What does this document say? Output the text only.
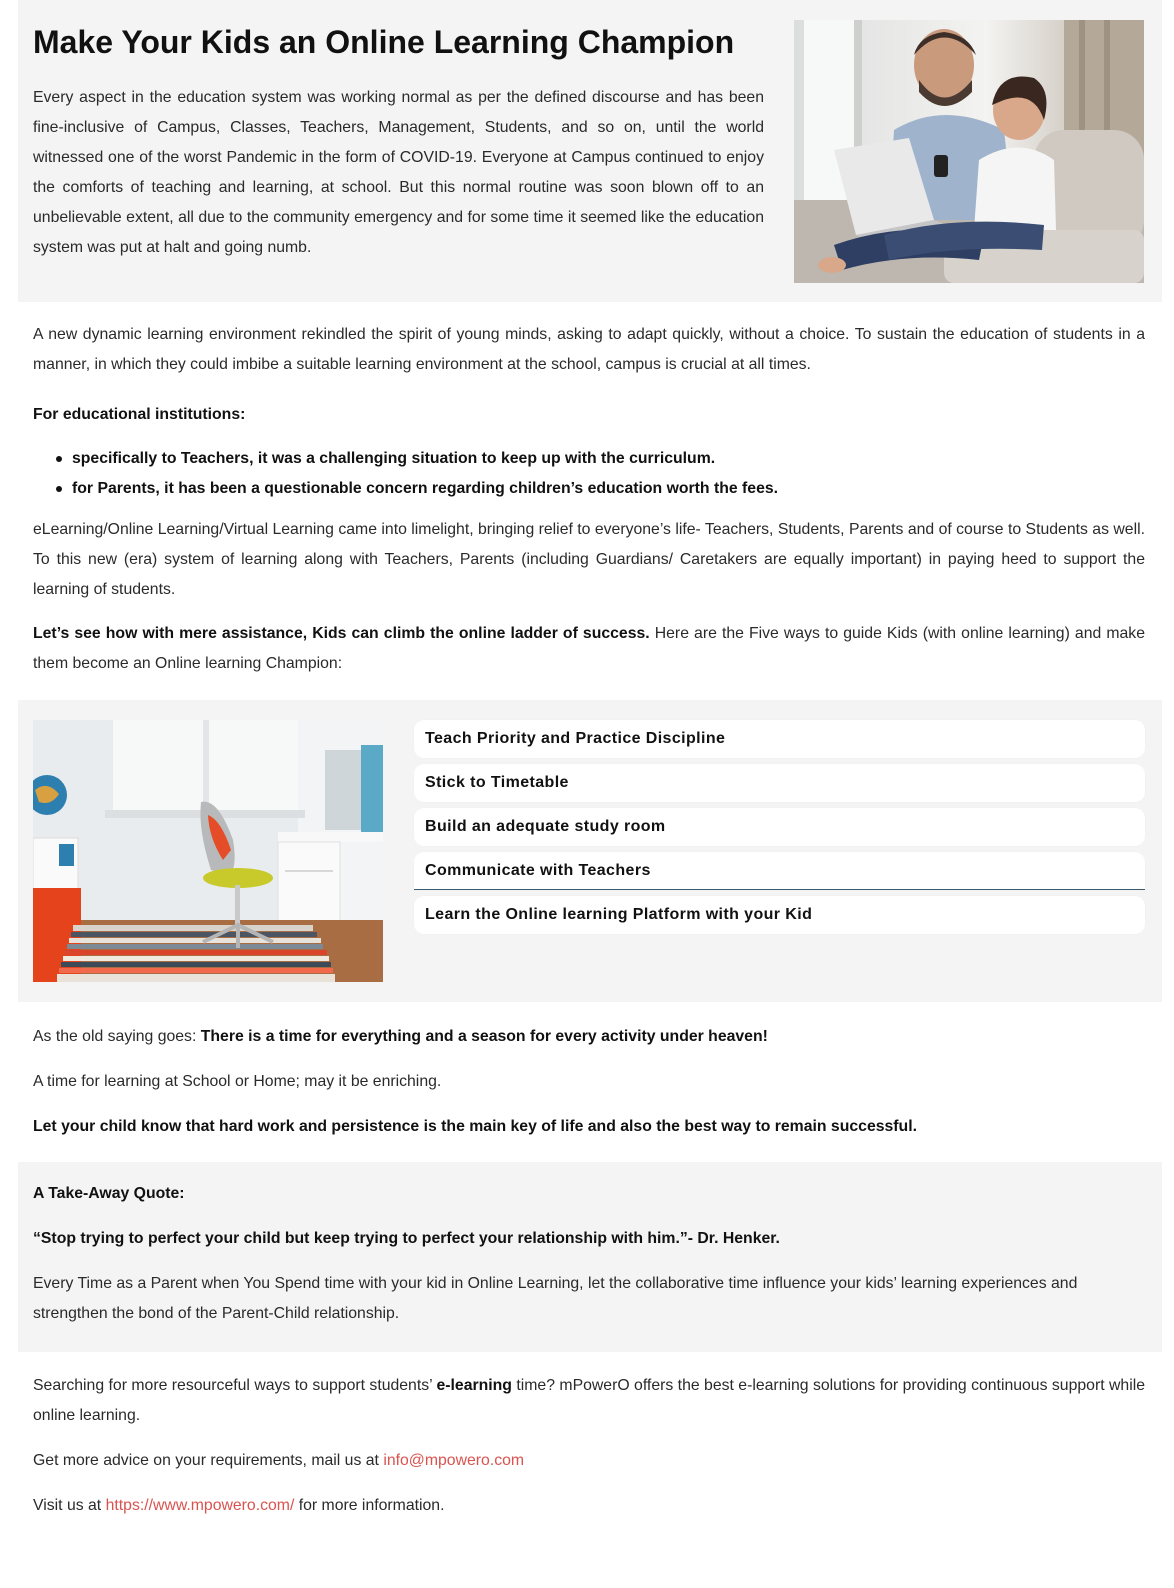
Make Your Kids an Online Learning Champion

Every aspect in the education system was working normal as per the defined discourse and has been fine-inclusive of Campus, Classes, Teachers, Management, Students, and so on, until the world witnessed one of the worst Pandemic in the form of COVID-19. Everyone at Campus continued to enjoy the comforts of teaching and learning, at school. But this normal routine was soon blown off to an unbelievable extent, all due to the community emergency and for some time it seemed like the education system was put at halt and going numb.

A new dynamic learning environment rekindled the spirit of young minds, asking to adapt quickly, without a choice. To sustain the education of students in a manner, in which they could imbibe a suitable learning environment at the school, campus is crucial at all times.

For educational institutions:

specifically to Teachers, it was a challenging situation to keep up with the curriculum.
for Parents, it has been a questionable concern regarding children’s education worth the fees.

eLearning/Online Learning/Virtual Learning came into limelight, bringing relief to everyone’s life- Teachers, Students, Parents and of course to Students as well. To this new (era) system of learning along with Teachers, Parents (including Guardians/ Caretakers are equally important) in paying heed to support the learning of students.

Let’s see how with mere assistance, Kids can climb the online ladder of success. Here are the Five ways to guide Kids (with online learning) and make them become an Online learning Champion:

Teach Priority and Practice Discipline
Stick to Timetable
Build an adequate study room
Communicate with Teachers
Learn the Online learning Platform with your Kid

As the old saying goes: There is a time for everything and a season for every activity under heaven!

A time for learning at School or Home; may it be enriching.

Let your child know that hard work and persistence is the main key of life and also the best way to remain successful.

A Take-Away Quote:

“Stop trying to perfect your child but keep trying to perfect your relationship with him.”- Dr. Henker.

Every Time as a Parent when You Spend time with your kid in Online Learning, let the collaborative time influence your kids’ learning experiences and strengthen the bond of the Parent-Child relationship.

Searching for more resourceful ways to support students’ e-learning time? mPowerO offers the best e-learning solutions for providing continuous support while online learning.

Get more advice on your requirements, mail us at info@mpowero.com

Visit us at https://www.mpowero.com/ for more information.
